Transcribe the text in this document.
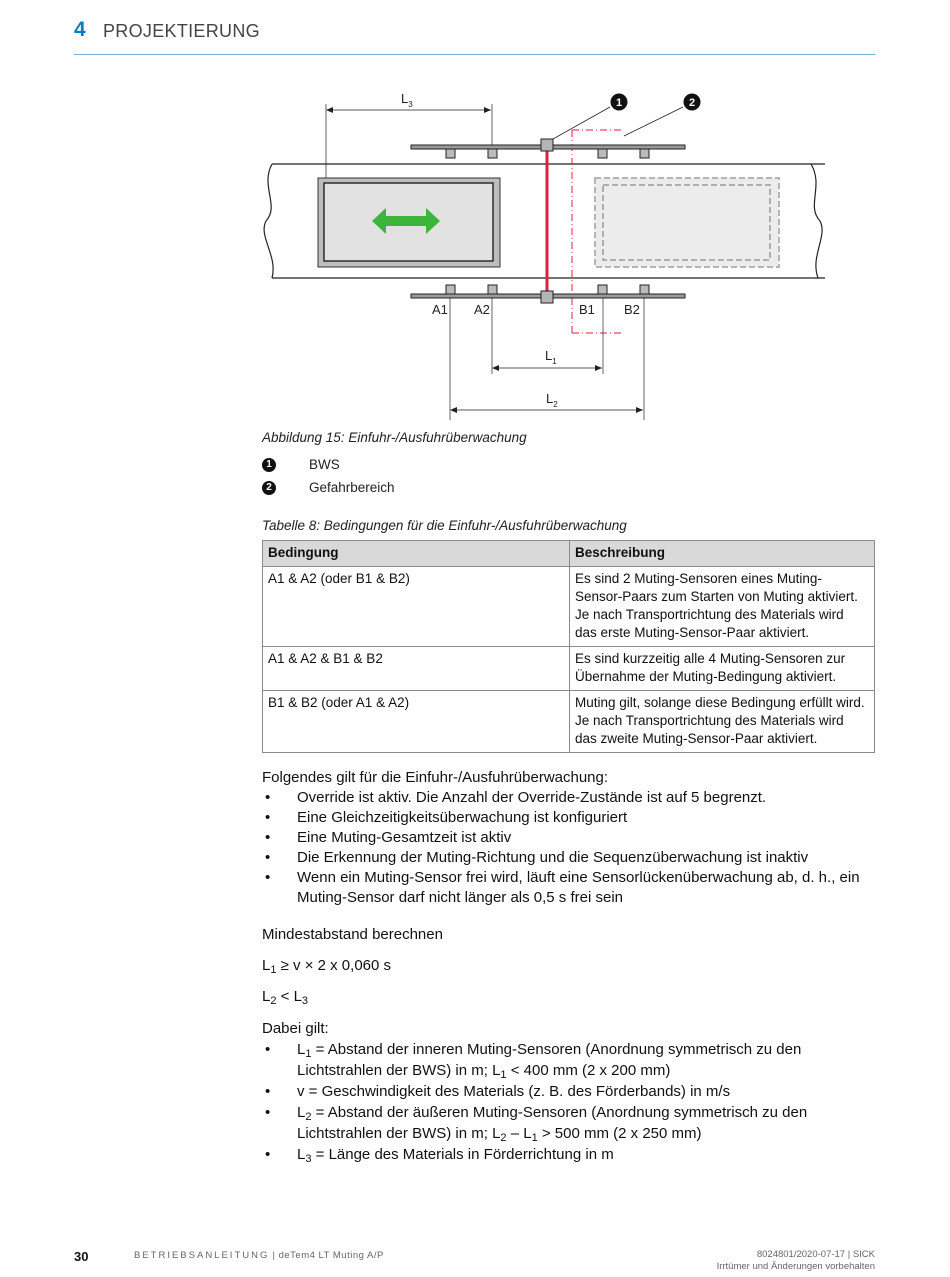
4 PROJEKTIERUNG
1	2
$L_3$
$L_1$
$L_2$
A1 A2	B1 B2
Abbildung 15: Einfuhr-/Ausfuhrüberwachung
1	BWS
2	Gefahrbereich
Tabelle 8: Bedingungen für die Einfuhr-/Ausfuhrüberwachung
Bedingung	Beschreibung
A1 & A2 (oder B1 & B2)	Es sind 2 Muting-Sensoren eines Muting-Sensor-Paars zum Starten von Muting aktiviert. Je nach Transportrichtung des Materials wird das erste Muting-Sensor-Paar aktiviert.
A1 & A2 & B1 & B2	Es sind kurzzeitig alle 4 Muting-Sensoren zur Übernahme der Muting-Bedingung aktiviert.
B1 & B2 (oder A1 & A2)	Muting gilt, solange diese Bedingung erfüllt wird. Je nach Transportrichtung des Materials wird das zweite Muting-Sensor-Paar aktiviert.
Folgendes gilt für die Einfuhr-/Ausfuhrüberwachung:
• Override ist aktiv. Die Anzahl der Override-Zustände ist auf 5 begrenzt.
• Eine Gleichzeitigkeitsüberwachung ist konfiguriert
• Eine Muting-Gesamtzeit ist aktiv
• Die Erkennung der Muting-Richtung und die Sequenzüberwachung ist inaktiv
• Wenn ein Muting-Sensor frei wird, läuft eine Sensorlückenüberwachung ab, d. h., ein Muting-Sensor darf nicht länger als 0,5 s frei sein
Mindestabstand berechnen
$L_1 \ge v \times 2$ x 0,060 s
$L_2 < L_3$
Dabei gilt:
• $L_1 = Abstand$ der inneren Muting-Sensoren (Anordnung symmetrisch zu den Lichtstrahlen der BWS) in m; $L_1 < 400$ mm (2 x 200 mm)
• v = Geschwindigkeit des Materials (z. B. des Förderbands) in m/s
• $L_2 = Abstand$ der äußeren Muting-Sensoren (Anordnung symmetrisch zu den Lichtstrahlen der BWS) in m; $L_2 - L_1 > 500$ mm (2 x 250 mm)
• $L_3$ = Länge des Materials in Förderrichtung in m
30	BETRIEBSANLEITUNG | deTem4 LT Muting A/P	8024801/2020-07-17 | SICK
Irrtümer und Änderungen vorbehalten
